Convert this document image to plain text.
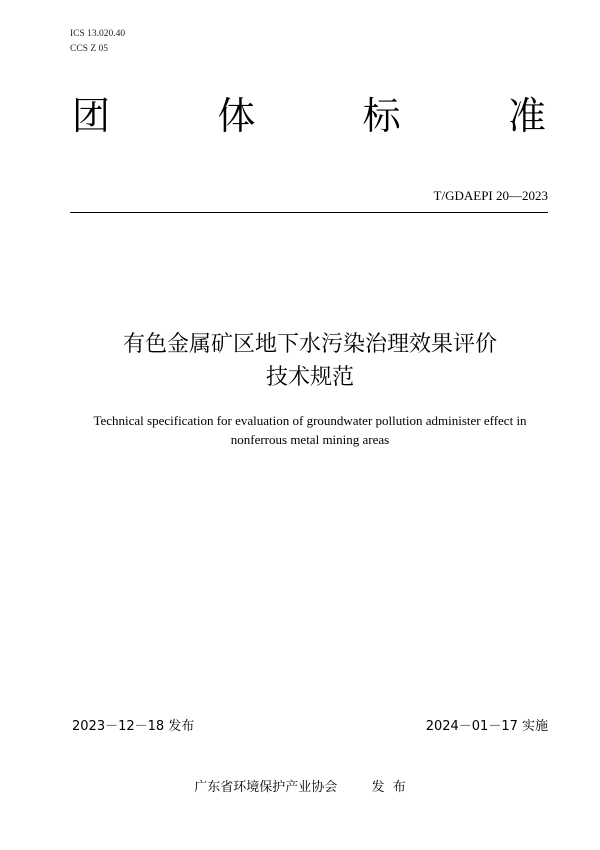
ICS 13.020.40
CCS Z 05
团	体	标	准
T/GDAEPI 20—2023
有色金属矿区地下水污染治理效果评价
技术规范
Technical specification for evaluation of groundwater pollution administer effect in
nonferrous metal mining areas
2023－12－18 发布	2024－01－17 实施
广东省环境保护产业协会	发  布
